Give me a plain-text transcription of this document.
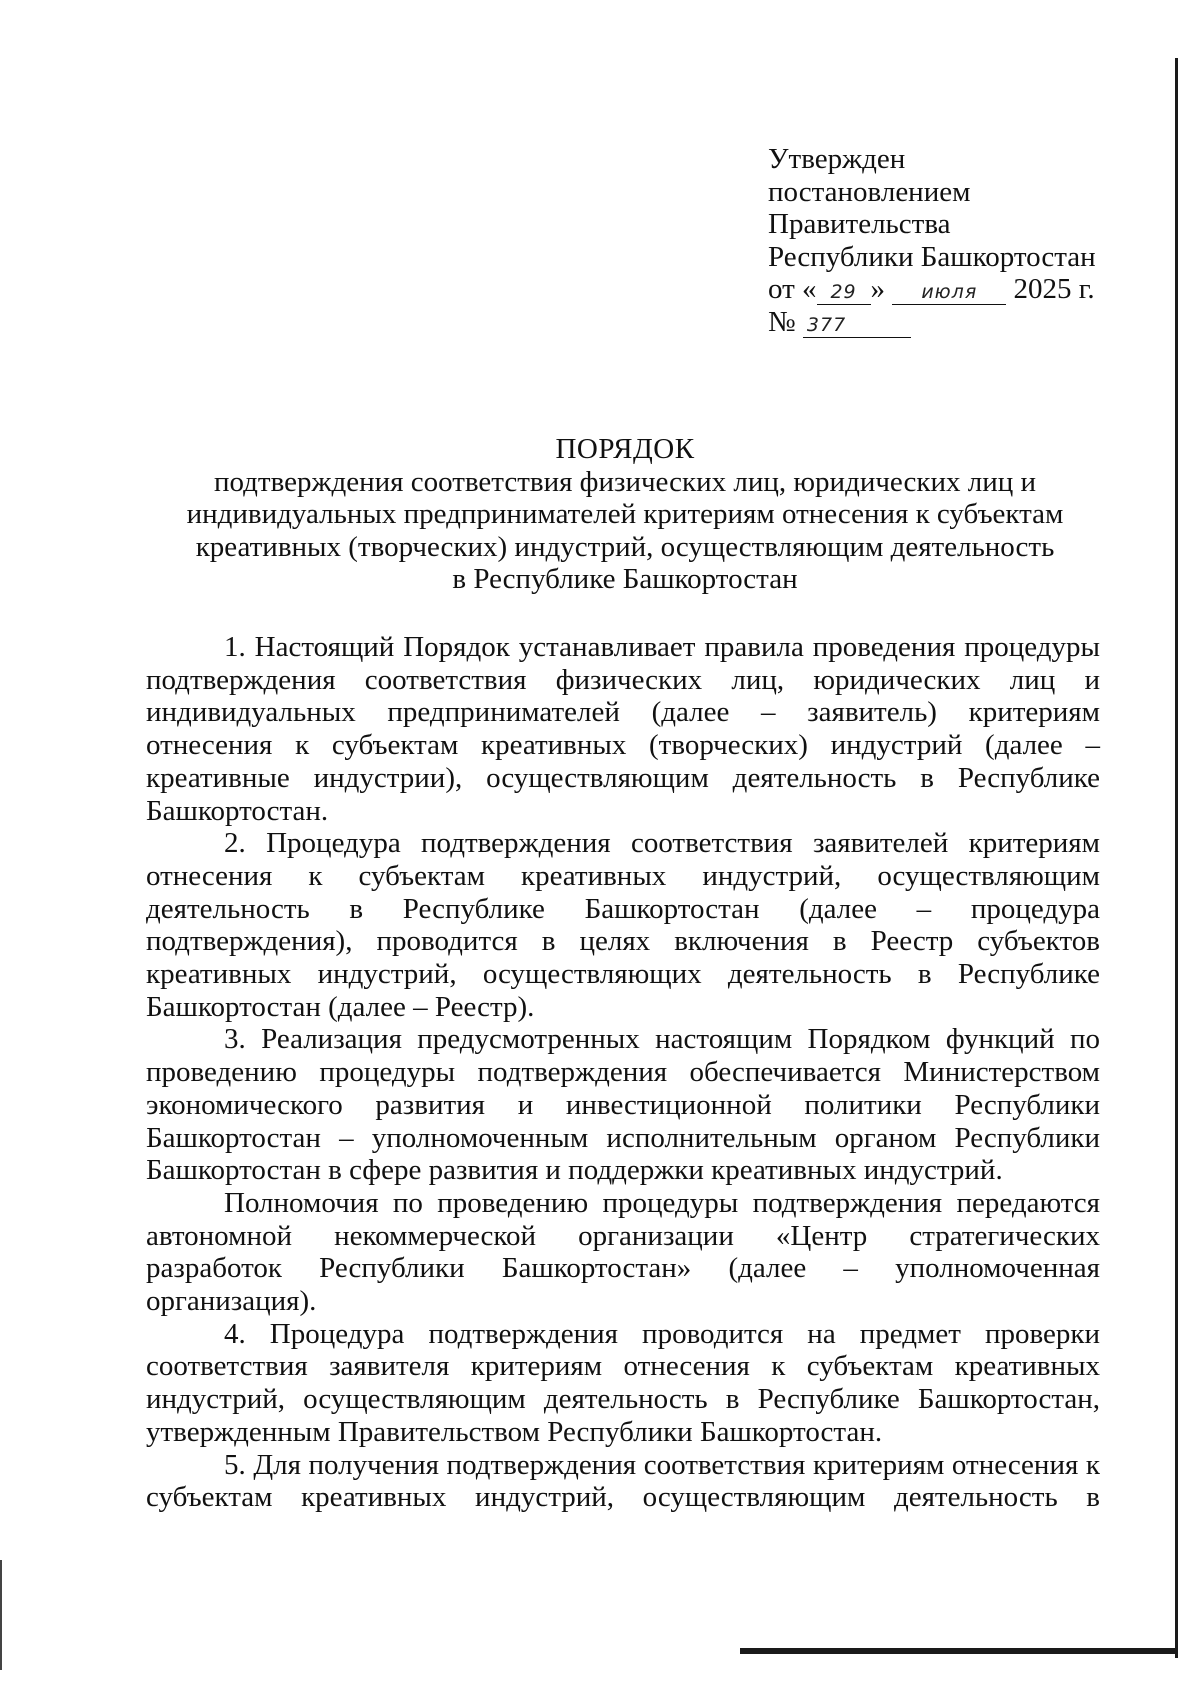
Утвержден
постановлением
Правительства
Республики Башкортостан
от « 29 » июля 2025 г.
№ 377
ПОРЯДОК
подтверждения соответствия физических лиц, юридических лиц и
индивидуальных предпринимателей критериям отнесения к субъектам
креативных (творческих) индустрий, осуществляющим деятельность
в Республике Башкортостан

1. Настоящий Порядок устанавливает правила проведения процедуры подтверждения соответствия физических лиц, юридических лиц и индивидуальных предпринимателей (далее – заявитель) критериям отнесения к субъектам креативных (творческих) индустрий (далее – креативные индустрии), осуществляющим деятельность в Республике Башкортостан.

2. Процедура подтверждения соответствия заявителей критериям отнесения к субъектам креативных индустрий, осуществляющим деятельность в Республике Башкортостан (далее – процедура подтверждения), проводится в целях включения в Реестр субъектов креативных индустрий, осуществляющих деятельность в Республике Башкортостан (далее – Реестр).

3. Реализация предусмотренных настоящим Порядком функций по проведению процедуры подтверждения обеспечивается Министерством экономического развития и инвестиционной политики Республики Башкортостан – уполномоченным исполнительным органом Республики Башкортостан в сфере развития и поддержки креативных индустрий.

Полномочия по проведению процедуры подтверждения передаются автономной некоммерческой организации «Центр стратегических разработок Республики Башкортостан» (далее – уполномоченная организация).

4. Процедура подтверждения проводится на предмет проверки соответствия заявителя критериям отнесения к субъектам креативных индустрий, осуществляющим деятельность в Республике Башкортостан, утвержденным Правительством Республики Башкортостан.

5. Для получения подтверждения соответствия критериям отнесения к субъектам креативных индустрий, осуществляющим деятельность в
